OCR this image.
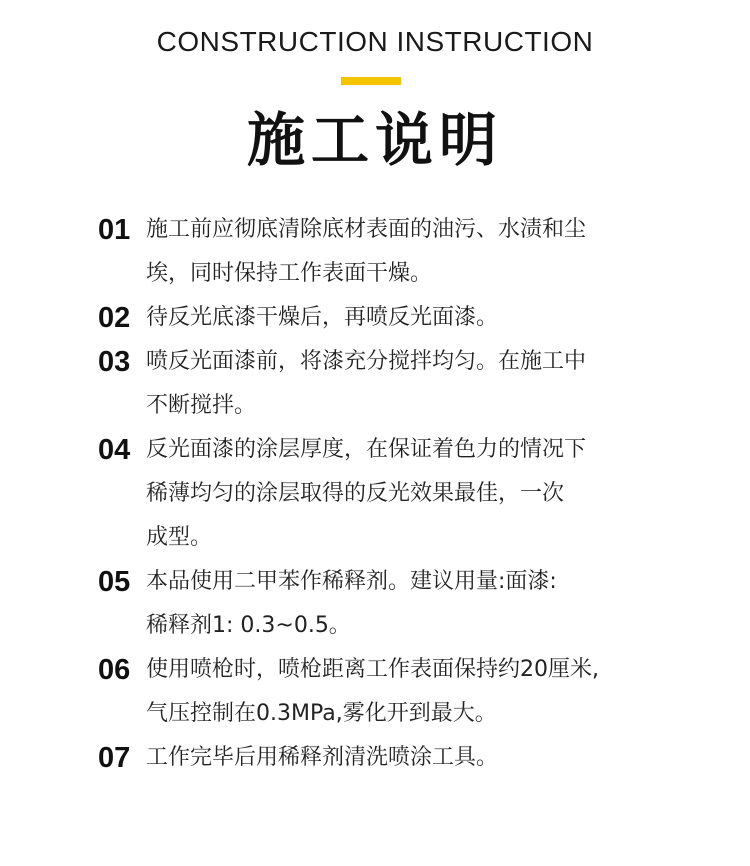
CONSTRUCTION INSTRUCTION
施工说明
01 施工前应彻底清除底材表面的油污、水渍和尘
埃，同时保持工作表面干燥。
02 待反光底漆干燥后，再喷反光面漆。
03 喷反光面漆前，将漆充分搅拌均匀。在施工中
不断搅拌。
04 反光面漆的涂层厚度，在保证着色力的情况下
稀薄均匀的涂层取得的反光效果最佳，一次
成型。
05 本品使用二甲苯作稀释剂。建议用量:面漆:
稀释剂1: 0.3~0.5。
06 使用喷枪时，喷枪距离工作表面保持约20厘米,
气压控制在0.3MPa,雾化开到最大。
07 工作完毕后用稀释剂清洗喷涂工具。
